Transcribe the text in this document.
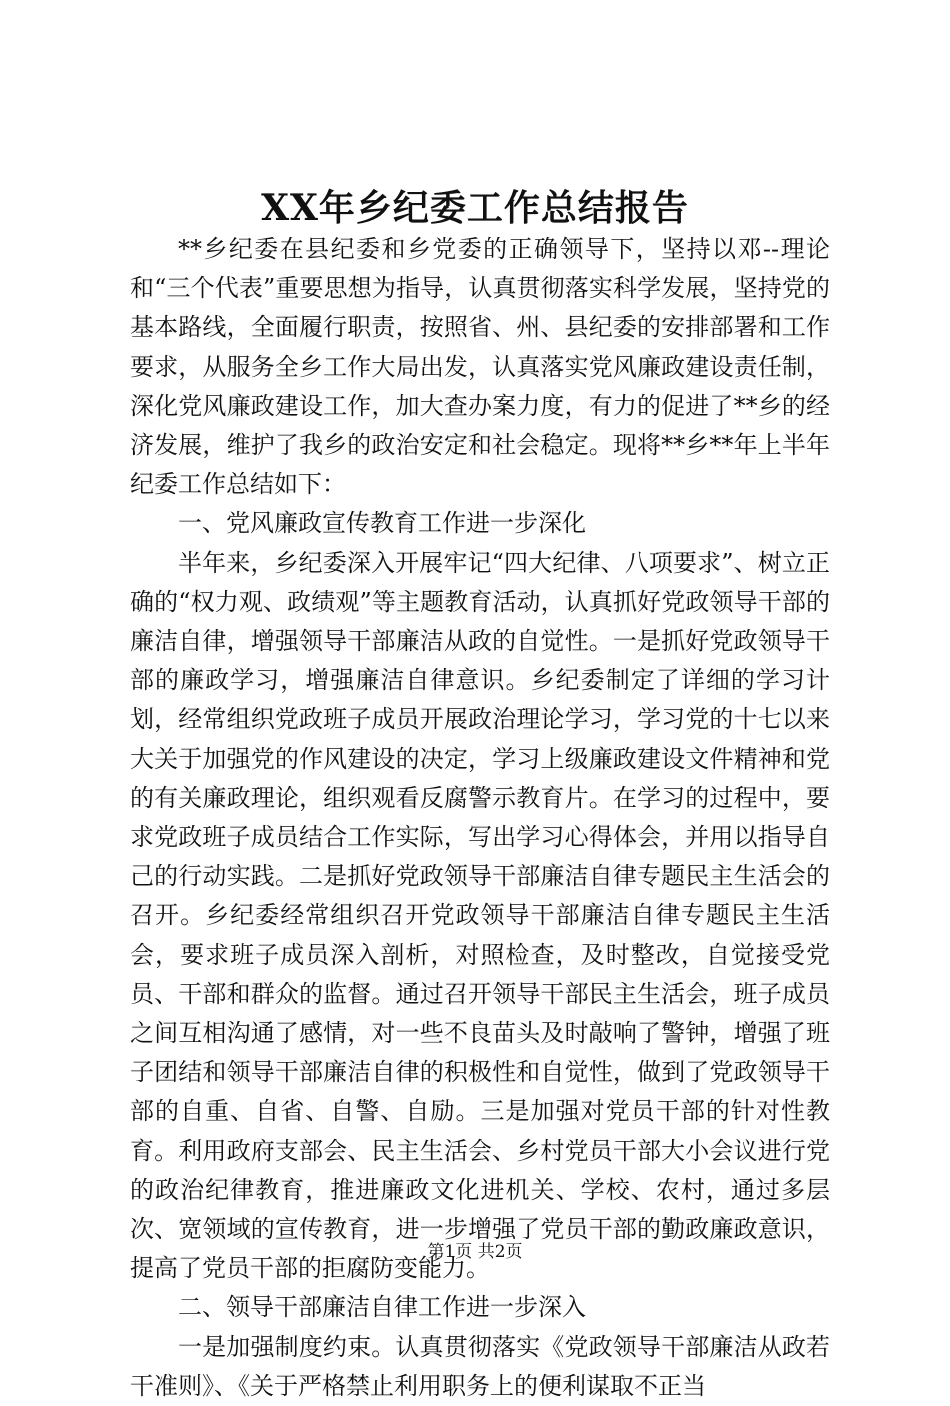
XX年乡纪委工作总结报告

**乡纪委在县纪委和乡党委的正确领导下，坚持以邓--理论和“三个代表”重要思想为指导，认真贯彻落实科学发展，坚持党的基本路线，全面履行职责，按照省、州、县纪委的安排部署和工作要求，从服务全乡工作大局出发，认真落实党风廉政建设责任制，深化党风廉政建设工作，加大查办案力度，有力的促进了**乡的经济发展，维护了我乡的政治安定和社会稳定。现将**乡**年上半年纪委工作总结如下：

一、党风廉政宣传教育工作进一步深化

半年来，乡纪委深入开展牢记“四大纪律、八项要求”、树立正确的“权力观、政绩观”等主题教育活动，认真抓好党政领导干部的廉洁自律，增强领导干部廉洁从政的自觉性。一是抓好党政领导干部的廉政学习，增强廉洁自律意识。乡纪委制定了详细的学习计划，经常组织党政班子成员开展政治理论学习，学习党的十七以来大关于加强党的作风建设的决定，学习上级廉政建设文件精神和党的有关廉政理论，组织观看反腐警示教育片。在学习的过程中，要求党政班子成员结合工作实际，写出学习心得体会，并用以指导自己的行动实践。二是抓好党政领导干部廉洁自律专题民主生活会的召开。乡纪委经常组织召开党政领导干部廉洁自律专题民主生活会，要求班子成员深入剖析，对照检查，及时整改，自觉接受党员、干部和群众的监督。通过召开领导干部民主生活会，班子成员之间互相沟通了感情，对一些不良苗头及时敲响了警钟，增强了班子团结和领导干部廉洁自律的积极性和自觉性，做到了党政领导干部的自重、自省、自警、自励。三是加强对党员干部的针对性教育。利用政府支部会、民主生活会、乡村党员干部大小会议进行党的政治纪律教育，推进廉政文化进机关、学校、农村，通过多层次、宽领域的宣传教育，进一步增强了党员干部的勤政廉政意识，提高了党员干部的拒腐防变能力。

二、领导干部廉洁自律工作进一步深入

一是加强制度约束。认真贯彻落实《党政领导干部廉洁从政若干准则》、《关于严格禁止利用职务上的便利谋取不正当

第1页 共2页
